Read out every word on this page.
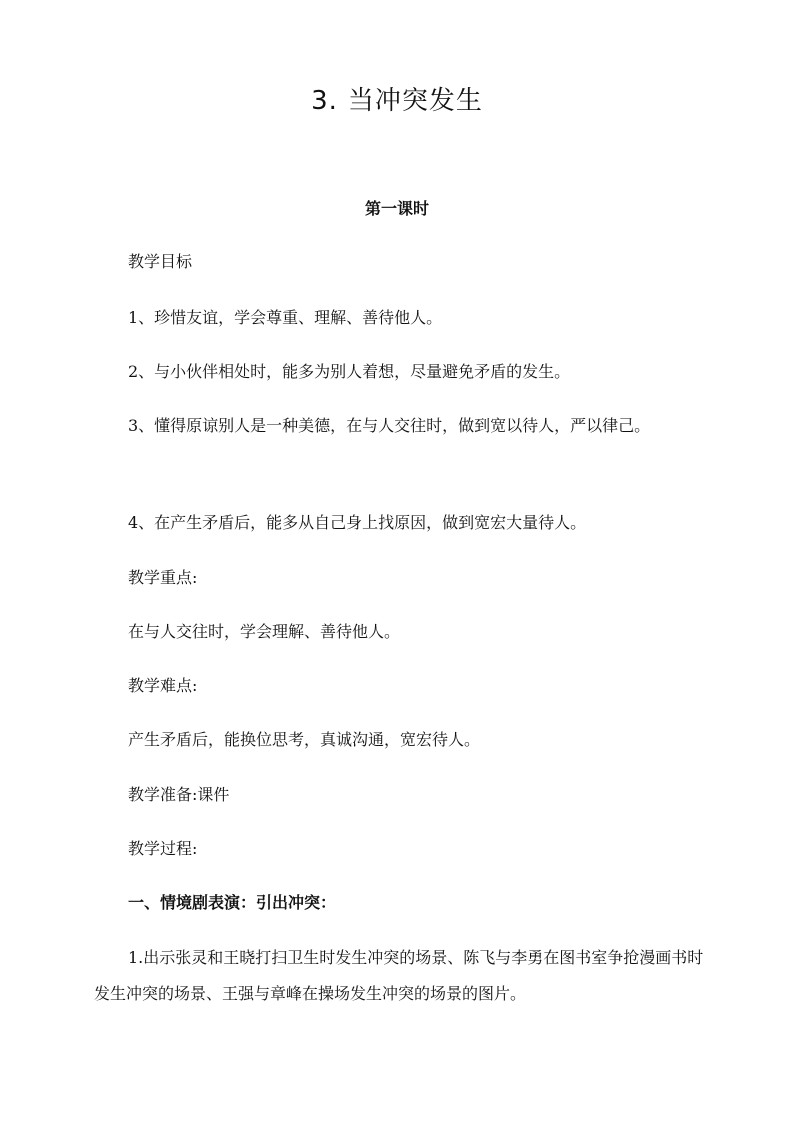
3. 当冲突发生
第一课时
教学目标
1、珍惜友谊，学会尊重、理解、善待他人。
2、与小伙伴相处时，能多为别人着想，尽量避免矛盾的发生。
3、懂得原谅别人是一种美德，在与人交往时，做到宽以待人，严以律己。
4、在产生矛盾后，能多从自己身上找原因，做到宽宏大量待人。
教学重点:
在与人交往时，学会理解、善待他人。
教学难点:
产生矛盾后，能换位思考，真诚沟通，宽宏待人。
教学准备:课件
教学过程:
一、情境剧表演：引出冲突：
1.出示张灵和王晓打扫卫生时发生冲突的场景、陈飞与李勇在图书室争抢漫画书时发生冲突的场景、王强与章峰在操场发生冲突的场景的图片。
